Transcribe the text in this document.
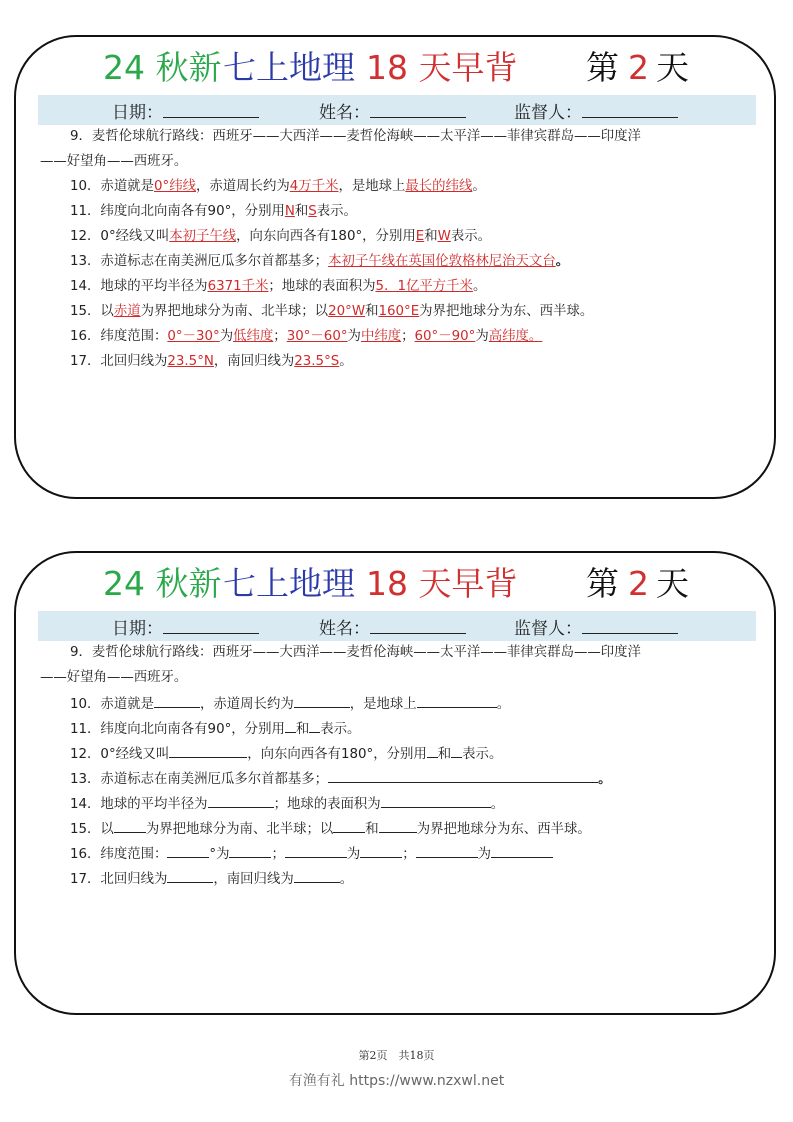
24 秋新 七上地理 18 天早背 第 2 天
日期：	姓名：	监督人：
9．麦哲伦球航行路线：西班牙——大西洋——麦哲伦海峡——太平洋——菲律宾群岛——印度洋
——好望角——西班牙。
10．赤道就是0°纬线，赤道周长约为4万千米，是地球上最长的纬线。
11．纬度向北向南各有90°，分别用N和S表示。
12．0°经线又叫本初子午线，向东向西各有180°，分别用E和W表示。
13．赤道标志在南美洲厄瓜多尔首都基多；本初子午线在英国伦敦格林尼治天文台。
14．地球的平均半径为6371千米；地球的表面积为5．1亿平方千米。
15．以赤道为界把地球分为南、北半球；以20°W和160°E为界把地球分为东、西半球。
16．纬度范围：0°－30°为低纬度；30°－60°为中纬度；60°－90°为高纬度。
17．北回归线为23.5°N，南回归线为23.5°S。
24 秋新 七上地理 18 天早背 第 2 天
日期：	姓名：	监督人：
9．麦哲伦球航行路线：西班牙——大西洋——麦哲伦海峡——太平洋——菲律宾群岛——印度洋
——好望角——西班牙。
10．赤道就是	，赤道周长约为	，是地球上	。
11．纬度向北向南各有90°，分别用 和 表示。
12．0°经线又叫	，向东向西各有180°，分别用 和 表示。
13．赤道标志在南美洲厄瓜多尔首都基多；	。
14．地球的平均半径为	；地球的表面积为	。
15．以 为界把地球分为南、北半球；以 和	为界把地球分为东、西半球。
16．纬度范围：	°为	；	为	；	为
17．北回归线为	，南回归线为	。
第2页　共18页
有渔有礼 https://www.nzxwl.net
